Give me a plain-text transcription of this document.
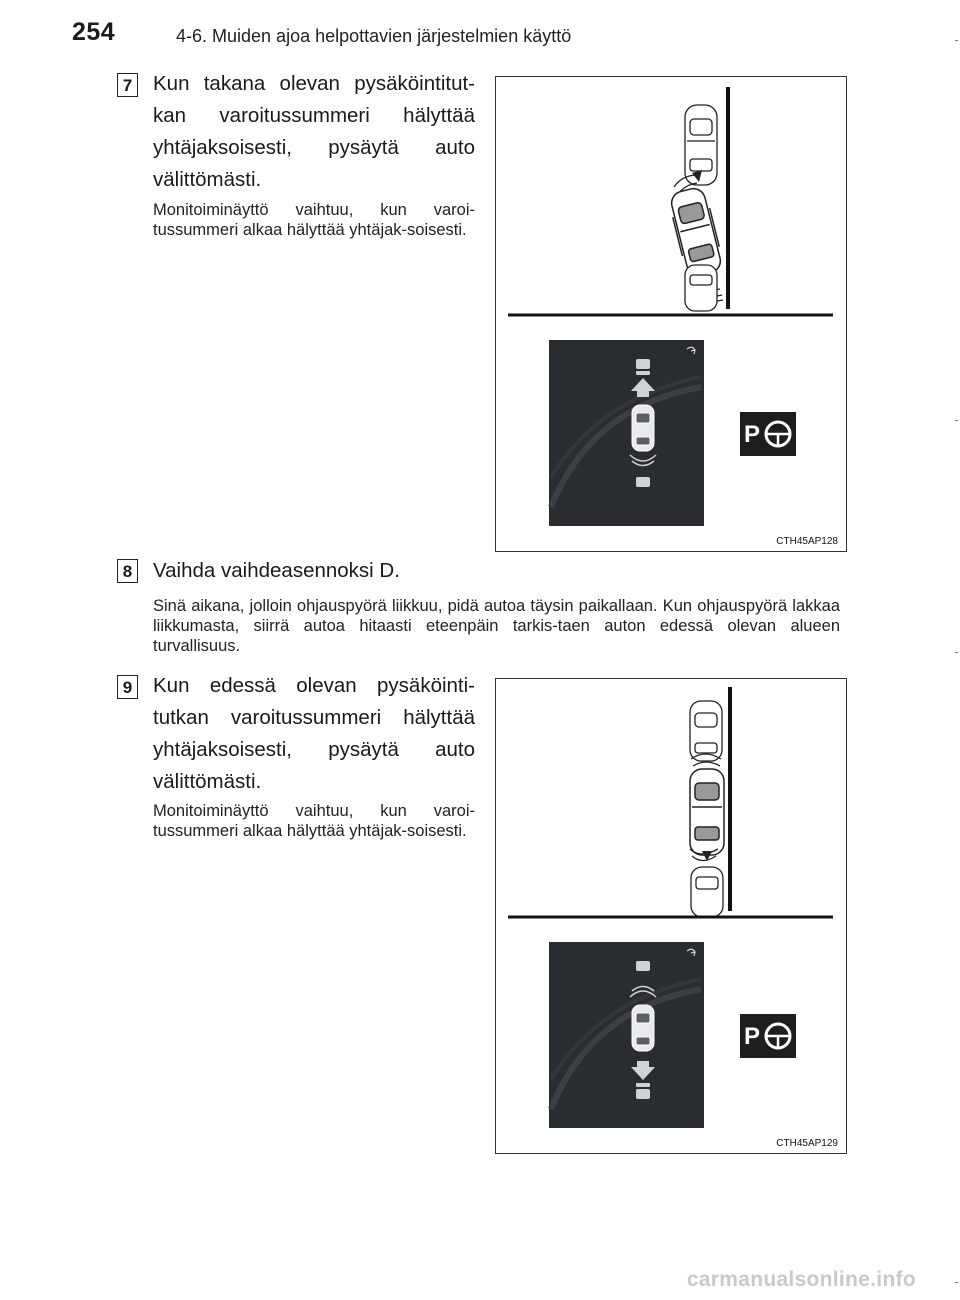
254	4-6. Muiden ajoa helpottavien järjestelmien käyttö
7 Kun takana olevan pysäköintitut-kan varoitussummeri hälyttää yhtäjaksoisesti, pysäytä auto välittömästi.
Monitoiminäyttö vaihtuu, kun varoi-tussummeri alkaa hälyttää yhtäjak-soisesti.
P
CTH45AP128
8 Vaihda vaihdeasennoksi D.
Sinä aikana, jolloin ohjauspyörä liikkuu, pidä autoa täysin paikallaan. Kun ohjauspyörä lakkaa liikkumasta, siirrä autoa hitaasti eteenpäin tarkis-taen auton edessä olevan alueen turvallisuus.
9 Kun edessä olevan pysäköinti-tutkan varoitussummeri hälyttää yhtäjaksoisesti, pysäytä auto välittömästi.
Monitoiminäyttö vaihtuu, kun varoi-tussummeri alkaa hälyttää yhtäjak-soisesti.
P
CTH45AP129
carmanualsonline.info
